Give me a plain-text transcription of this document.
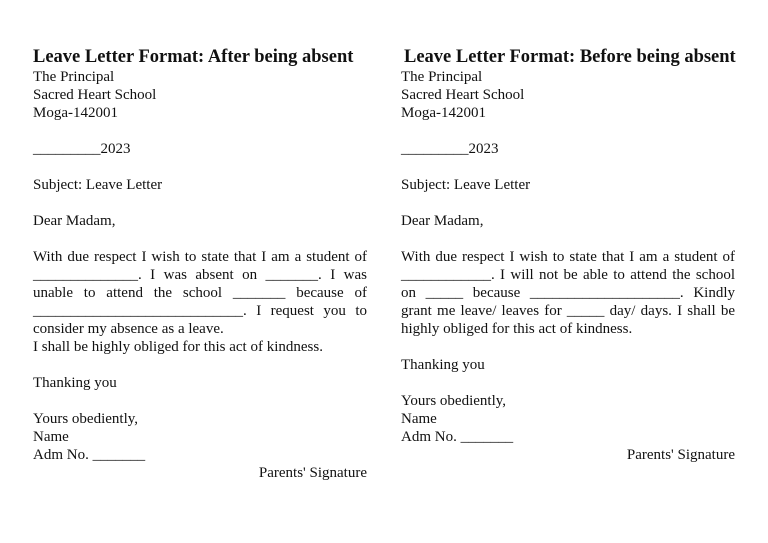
Leave Letter Format: After being absent
The Principal
Sacred Heart School
Moga-142001
_________2023
Subject: Leave Letter
Dear Madam,
With due respect I wish to state that I am a student of ______________. I was absent on _______. I was unable to attend the school _______ because of ____________________________. I request you to consider my absence as a leave.
I shall be highly obliged for this act of kindness.
Thanking you
Yours obediently,
Name
Adm No. _______
Parents' Signature
Leave Letter Format: Before being absent
The Principal
Sacred Heart School
Moga-142001
_________2023
Subject: Leave Letter
Dear Madam,
With due respect I wish to state that I am a student of ____________. I will not be able to attend the school on _____ because ____________________. Kindly grant me leave/ leaves for _____ day/ days. I shall be highly obliged for this act of kindness.
Thanking you
Yours obediently,
Name
Adm No. _______
Parents' Signature
